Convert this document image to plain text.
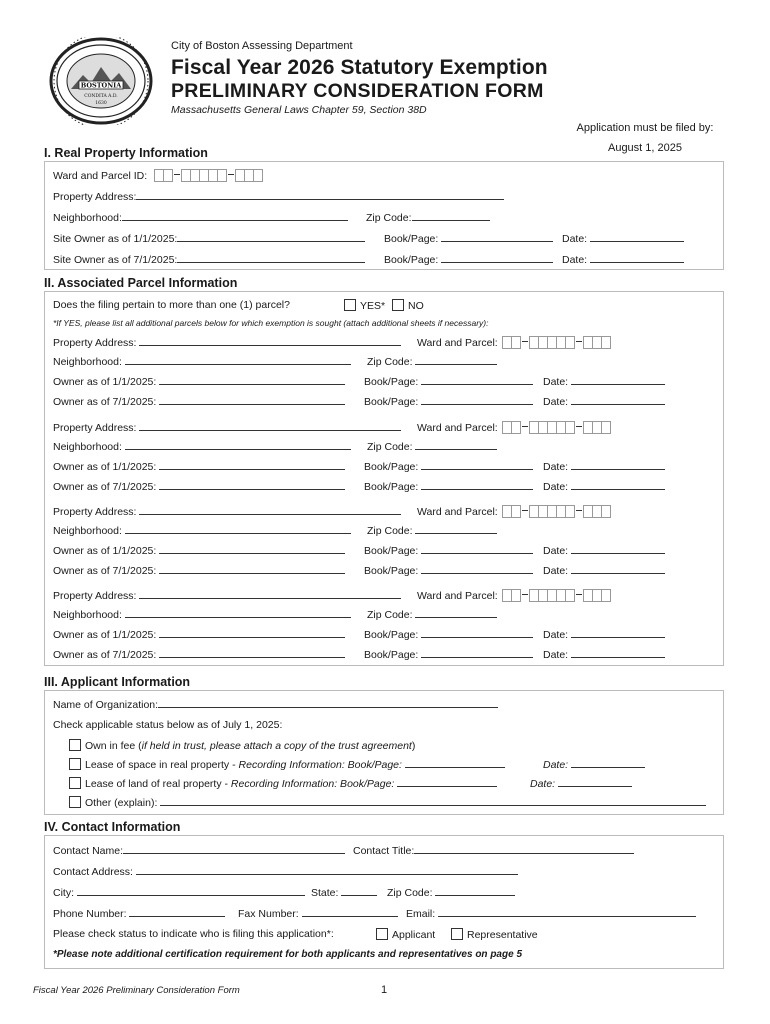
BOSTONIA
CONDITA A.D.
1630
City of Boston Assessing Department
Fiscal Year 2026 Statutory Exemption
PRELIMINARY CONSIDERATION FORM
Massachusetts General Laws Chapter 59, Section 38D
Application must be filed by:
August 1, 2025
I. Real Property Information
Ward and Parcel ID:
Property Address:
Neighborhood:	Zip Code:
Site Owner as of 1/1/2025:	Book/Page:	Date:
Site Owner as of 7/1/2025:	Book/Page:	Date:
II. Associated Parcel Information
Does the filing pertain to more than one (1) parcel?	YES*	NO
*If YES, please list all additional parcels below for which exemption is sought (attach additional sheets if necessary):
Property Address:	Ward and Parcel:
Neighborhood:	Zip Code:
Owner as of 1/1/2025:	Book/Page:	Date:
Owner as of 7/1/2025:	Book/Page:	Date:
Property Address:	Ward and Parcel:
Neighborhood:	Zip Code:
Owner as of 1/1/2025:	Book/Page:	Date:
Owner as of 7/1/2025:	Book/Page:	Date:
Property Address:	Ward and Parcel:
Neighborhood:	Zip Code:
Owner as of 1/1/2025:	Book/Page:	Date:
Owner as of 7/1/2025:	Book/Page:	Date:
Property Address:	Ward and Parcel:
Neighborhood:	Zip Code:
Owner as of 1/1/2025:	Book/Page:	Date:
Owner as of 7/1/2025:	Book/Page:	Date:
III. Applicant Information
Name of Organization:
Check applicable status below as of July 1, 2025:
Own in fee (if held in trust, please attach a copy of the trust agreement)
Lease of space in real property - Recording Information: Book/Page:	Date:
Lease of land of real property - Recording Information: Book/Page:	Date:
Other (explain):
IV. Contact Information
Contact Name:	Contact Title:
Contact Address:
City:	State:	Zip Code:
Phone Number:	Fax Number:	Email:
Please check status to indicate who is filing this application*:	Applicant	Representative
*Please note additional certification requirement for both applicants and representatives on page 5
Fiscal Year 2026 Preliminary Consideration Form	1
